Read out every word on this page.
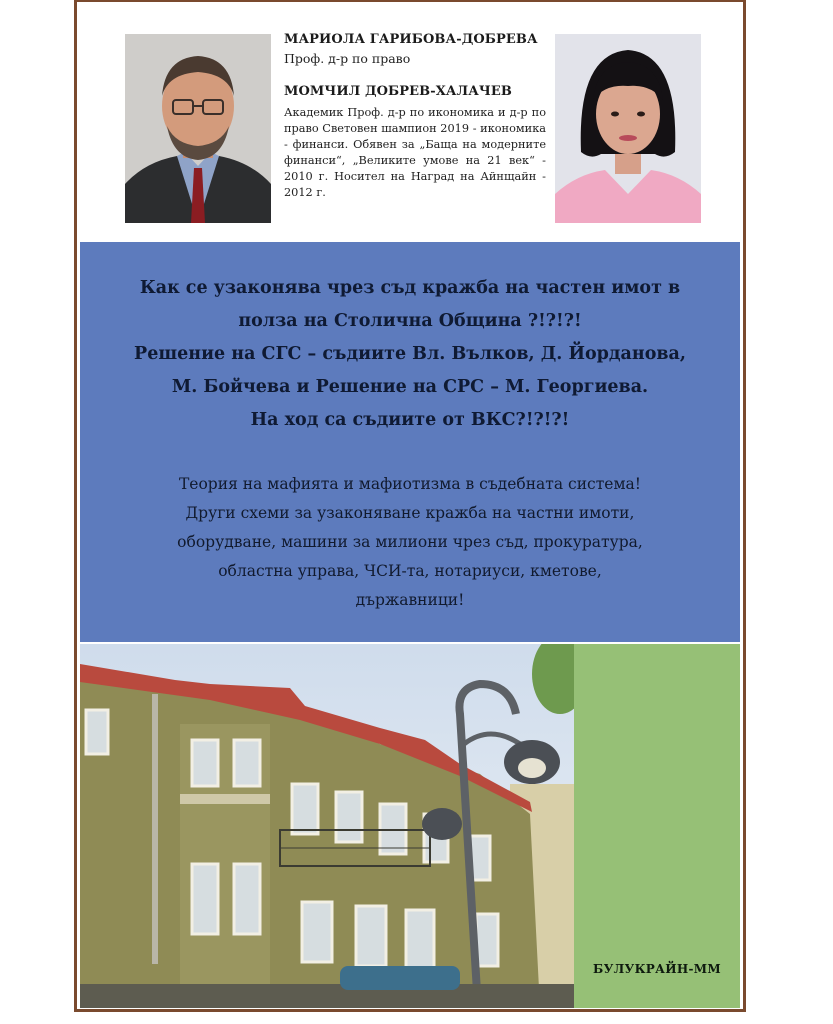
МАРИОЛА ГАРИБОВА-ДОБРЕВА

Проф. д-р по право

МОМЧИЛ ДОБРЕВ-ХАЛАЧЕВ

Академик Проф. д-р по икономика и д-р по право Световен шампион 2019 - икономика - финанси. Обявен за „Баща на модерните финанси“, „Великите умове на 21 век“ - 2010 г. Носител на Наград на Айнщайн - 2012 г.

Как се узаконява чрез съд кражба на частен имот в
полза на Столична Община ?!?!?!
Решение на СГС – съдиите Вл. Вълков, Д. Йорданова,
М. Бойчева и Решение на СРС – М. Георгиева.
На ход са съдиите от ВКС?!?!?!

Теория на мафията и мафиотизма в съдебната система!
Други схеми за узаконяване кражба на частни имоти,
оборудване, машини за милиони чрез съд, прокуратура,
областна управа, ЧСИ-та, нотариуси, кметове,
държавници!

БУЛУКРАЙН-ММ
